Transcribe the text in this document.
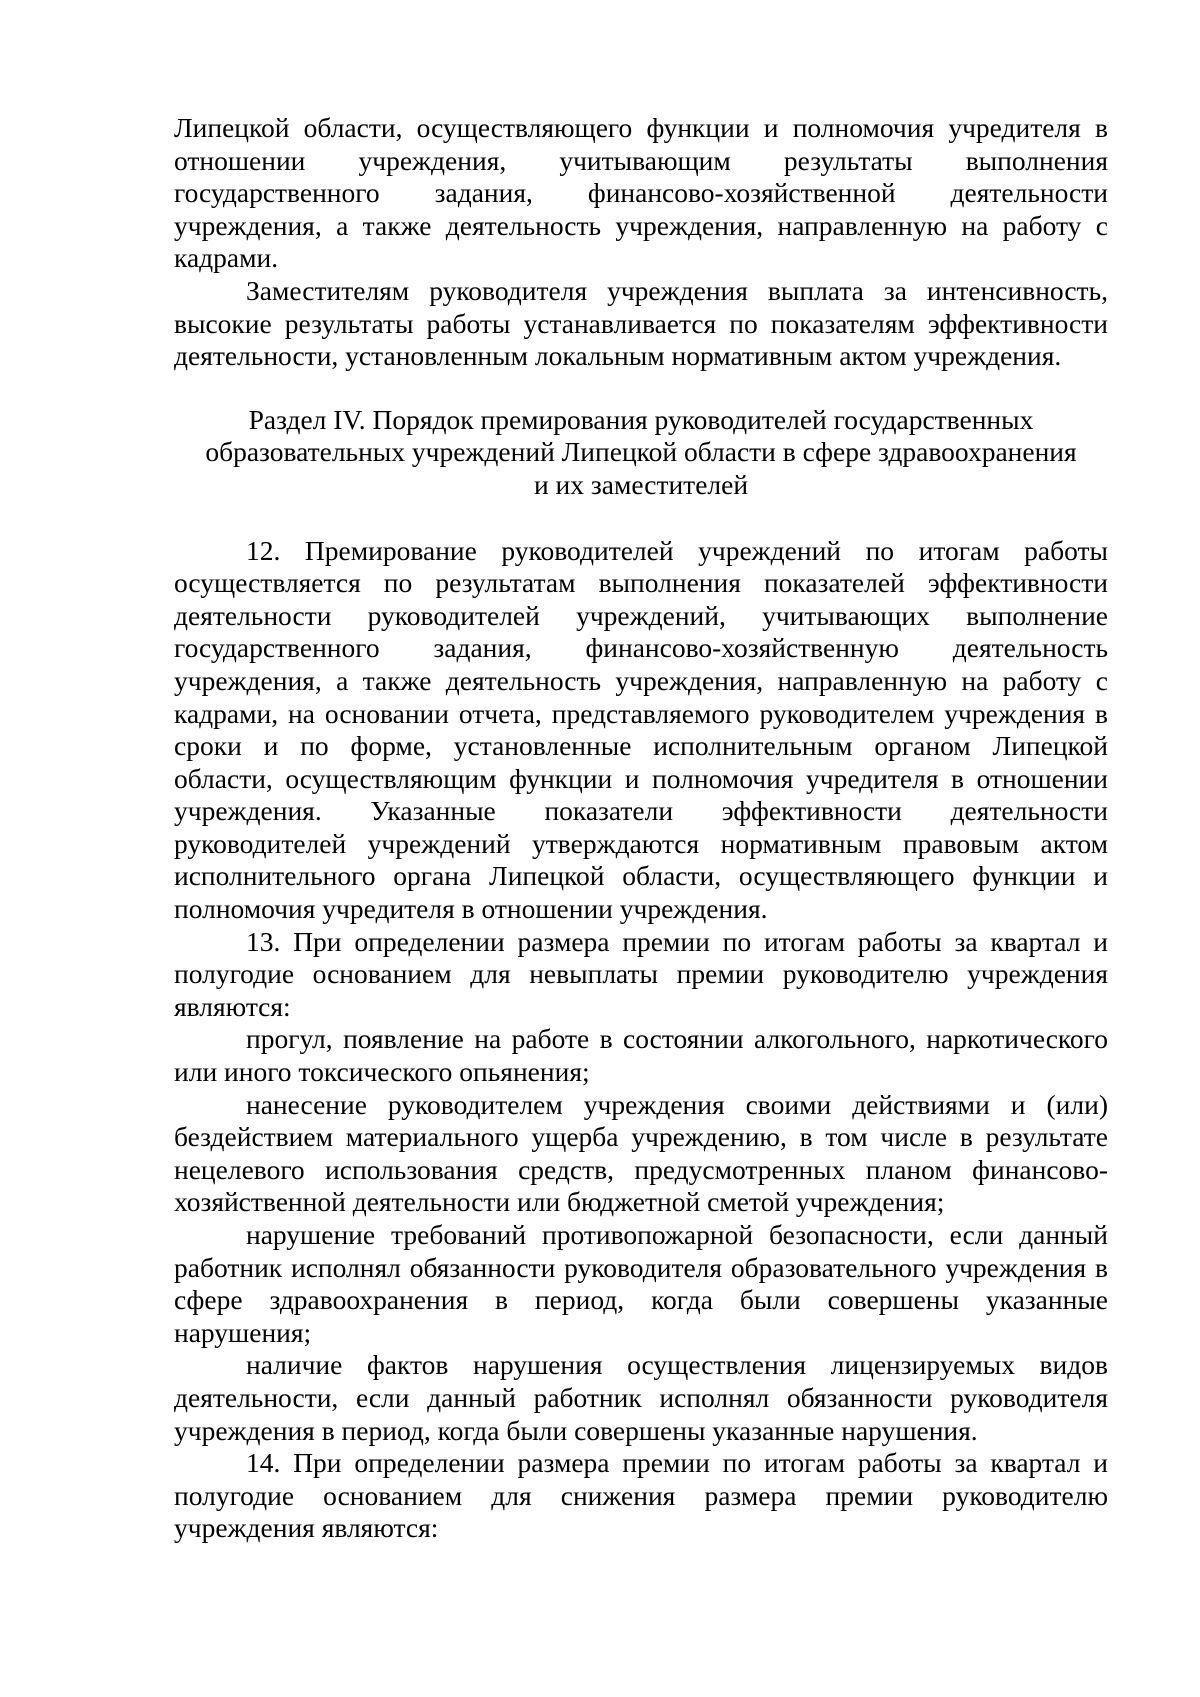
Липецкой области, осуществляющего функции и полномочия учредителя в отношении учреждения, учитывающим результаты выполнения государственного задания, финансово-хозяйственной деятельности учреждения, а также деятельность учреждения, направленную на работу с кадрами.

Заместителям руководителя учреждения выплата за интенсивность, высокие результаты работы устанавливается по показателям эффективности деятельности, установленным локальным нормативным актом учреждения.

Раздел IV. Порядок премирования руководителей государственных
образовательных учреждений Липецкой области в сфере здравоохранения
и их заместителей

12. Премирование руководителей учреждений по итогам работы осуществляется по результатам выполнения показателей эффективности деятельности руководителей учреждений, учитывающих выполнение государственного задания, финансово-хозяйственную деятельность учреждения, а также деятельность учреждения, направленную на работу с кадрами, на основании отчета, представляемого руководителем учреждения в сроки и по форме, установленные исполнительным органом Липецкой области, осуществляющим функции и полномочия учредителя в отношении учреждения. Указанные показатели эффективности деятельности руководителей учреждений утверждаются нормативным правовым актом исполнительного органа Липецкой области, осуществляющего функции и полномочия учредителя в отношении учреждения.

13. При определении размера премии по итогам работы за квартал и полугодие основанием для невыплаты премии руководителю учреждения являются:

прогул, появление на работе в состоянии алкогольного, наркотического или иного токсического опьянения;

нанесение руководителем учреждения своими действиями и (или) бездействием материального ущерба учреждению, в том числе в результате нецелевого использования средств, предусмотренных планом финансово-хозяйственной деятельности или бюджетной сметой учреждения;

нарушение требований противопожарной безопасности, если данный работник исполнял обязанности руководителя образовательного учреждения в сфере здравоохранения в период, когда были совершены указанные нарушения;

наличие фактов нарушения осуществления лицензируемых видов деятельности, если данный работник исполнял обязанности руководителя учреждения в период, когда были совершены указанные нарушения.

14. При определении размера премии по итогам работы за квартал и полугодие основанием для снижения размера премии руководителю учреждения являются:
